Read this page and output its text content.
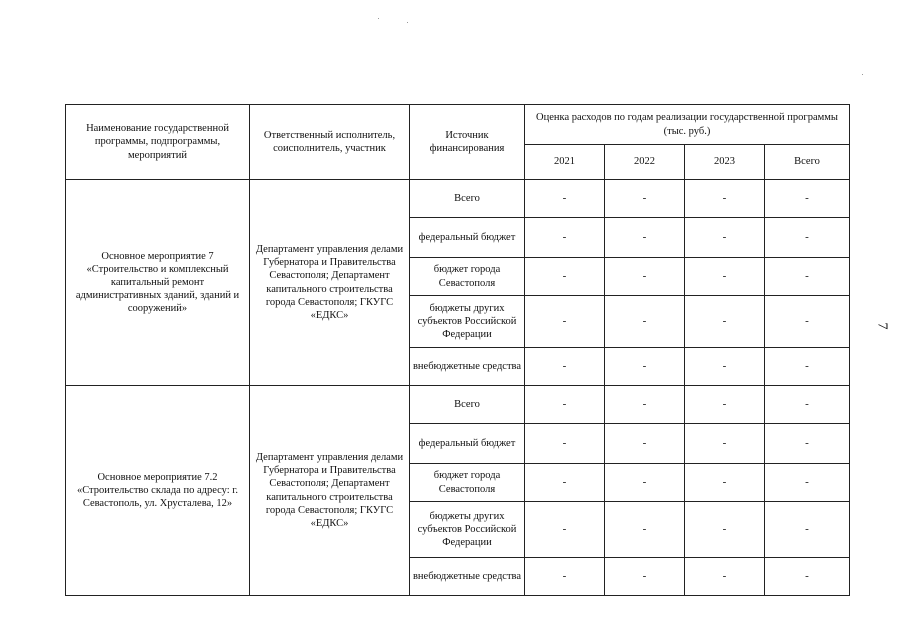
Наименование государственной программы, подпрограммы, мероприятий	Ответственный исполнитель, соисполнитель, участник	Источник финансирования	Оценка расходов по годам реализации государственной программы (тыс. руб.)			
			2021	2022	2023	Всего
Основное мероприятие 7 «Строительство и комплексный капитальный ремонт административных зданий, зданий и сооружений»	Департамент управления делами Губернатора и Правительства Севастополя; Департамент капитального строительства города Севастополя; ГКУГС «ЕДКС»	Всего	-	-	-	-
		федеральный бюджет	-	-	-	-
		бюджет города Севастополя	-	-	-	-
		бюджеты других субъектов Российской Федерации	-	-	-	-
		внебюджетные средства	-	-	-	-
Основное мероприятие 7.2 «Строительство склада по адресу: г. Севастополь, ул. Хрусталева, 12»	Департамент управления делами Губернатора и Правительства Севастополя; Департамент капитального строительства города Севастополя; ГКУГС «ЕДКС»	Всего	-	-	-	-
		федеральный бюджет	-	-	-	-
		бюджет города Севастополя	-	-	-	-
		бюджеты других субъектов Российской Федерации	-	-	-	-
		внебюджетные средства	-	-	-	-
7
